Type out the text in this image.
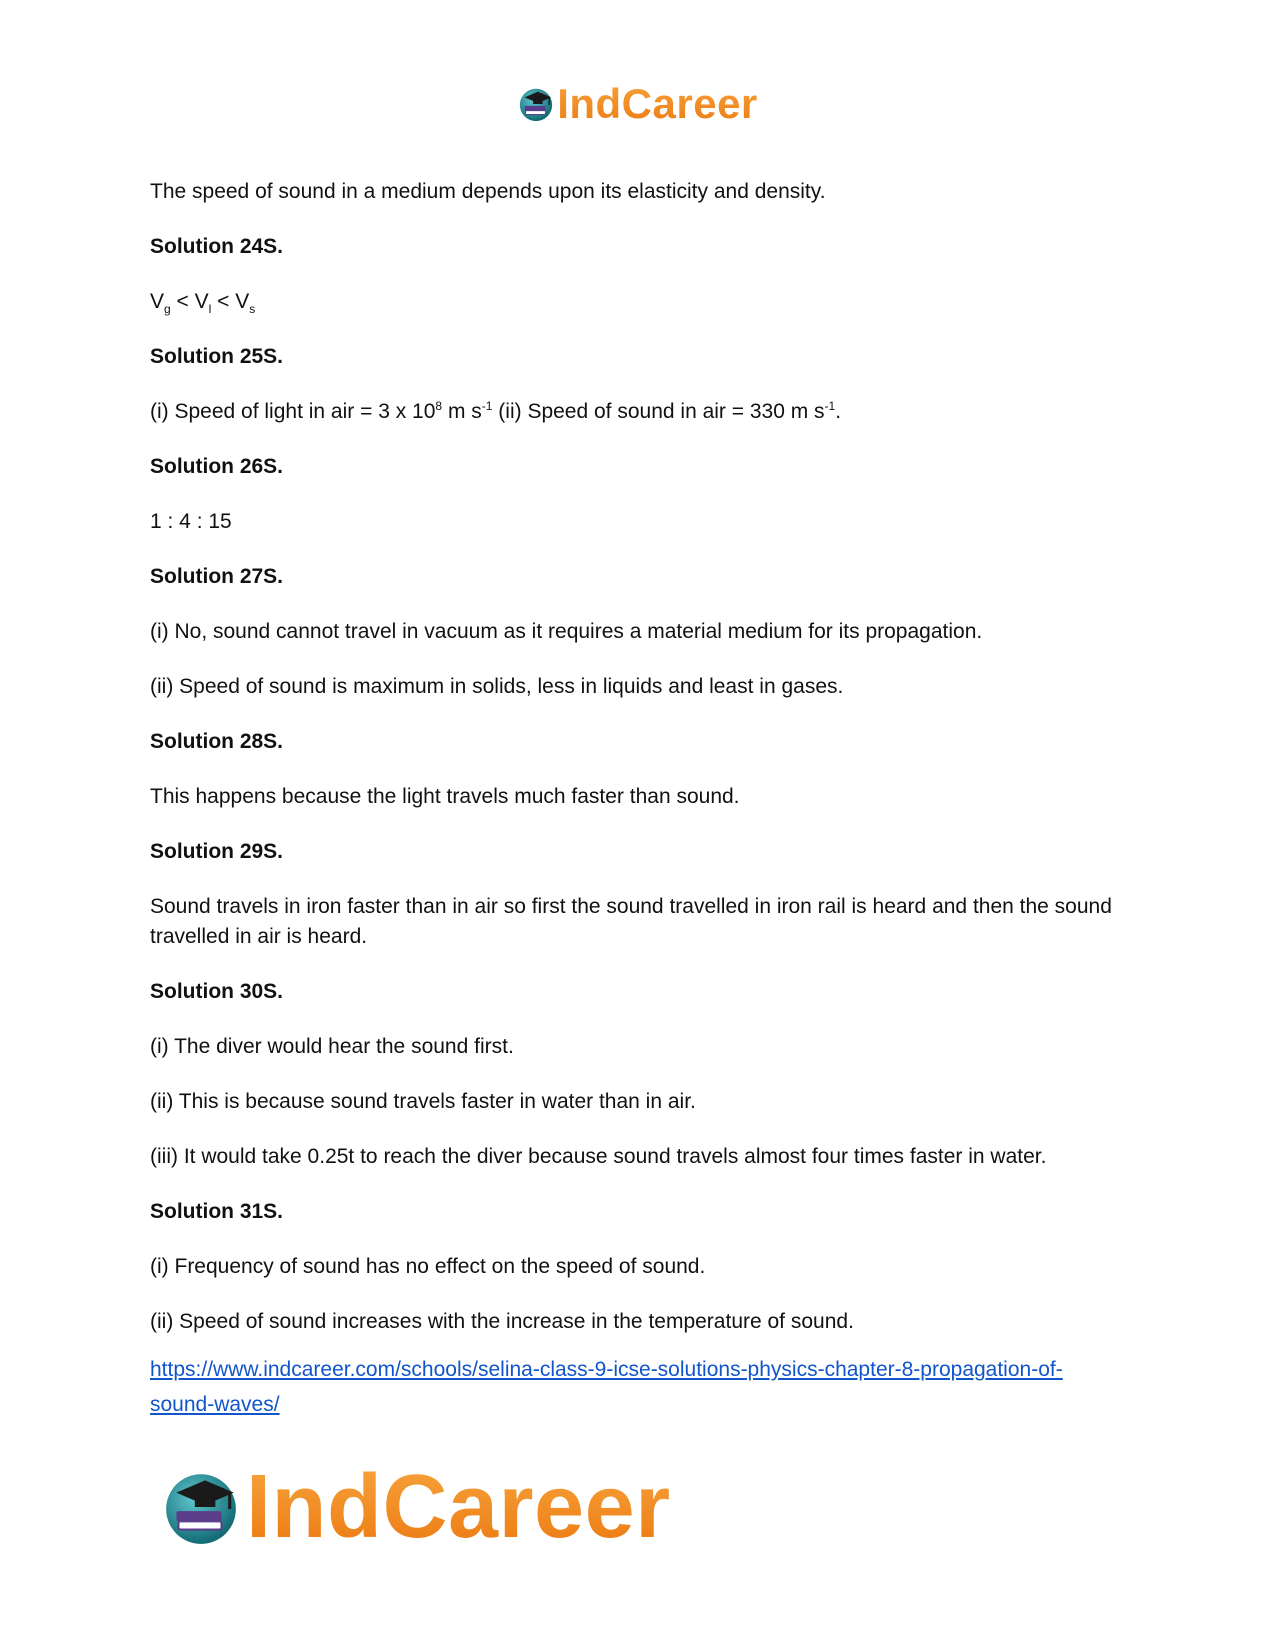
IndCareer

The speed of sound in a medium depends upon its elasticity and density.

Solution 24S.

$V_g < V_l < V_s$

Solution 25S.

(i) Speed of light in air = 3 x $10^8$ m $s^{-1}$ (ii) Speed of sound in air = 330 m $s^{-1}$.

Solution 26S.

1 : 4 : 15

Solution 27S.

(i) No, sound cannot travel in vacuum as it requires a material medium for its propagation.

(ii) Speed of sound is maximum in solids, less in liquids and least in gases.

Solution 28S.

This happens because the light travels much faster than sound.

Solution 29S.

Sound travels in iron faster than in air so first the sound travelled in iron rail is heard and then the sound travelled in air is heard.

Solution 30S.

(i) The diver would hear the sound first.

(ii) This is because sound travels faster in water than in air.

(iii) It would take 0.25t to reach the diver because sound travels almost four times faster in water.

Solution 31S.

(i) Frequency of sound has no effect on the speed of sound.

(ii) Speed of sound increases with the increase in the temperature of sound.

https://www.indcareer.com/schools/selina-class-9-icse-solutions-physics-chapter-8-propagation-of-sound-waves/
IndCareer
